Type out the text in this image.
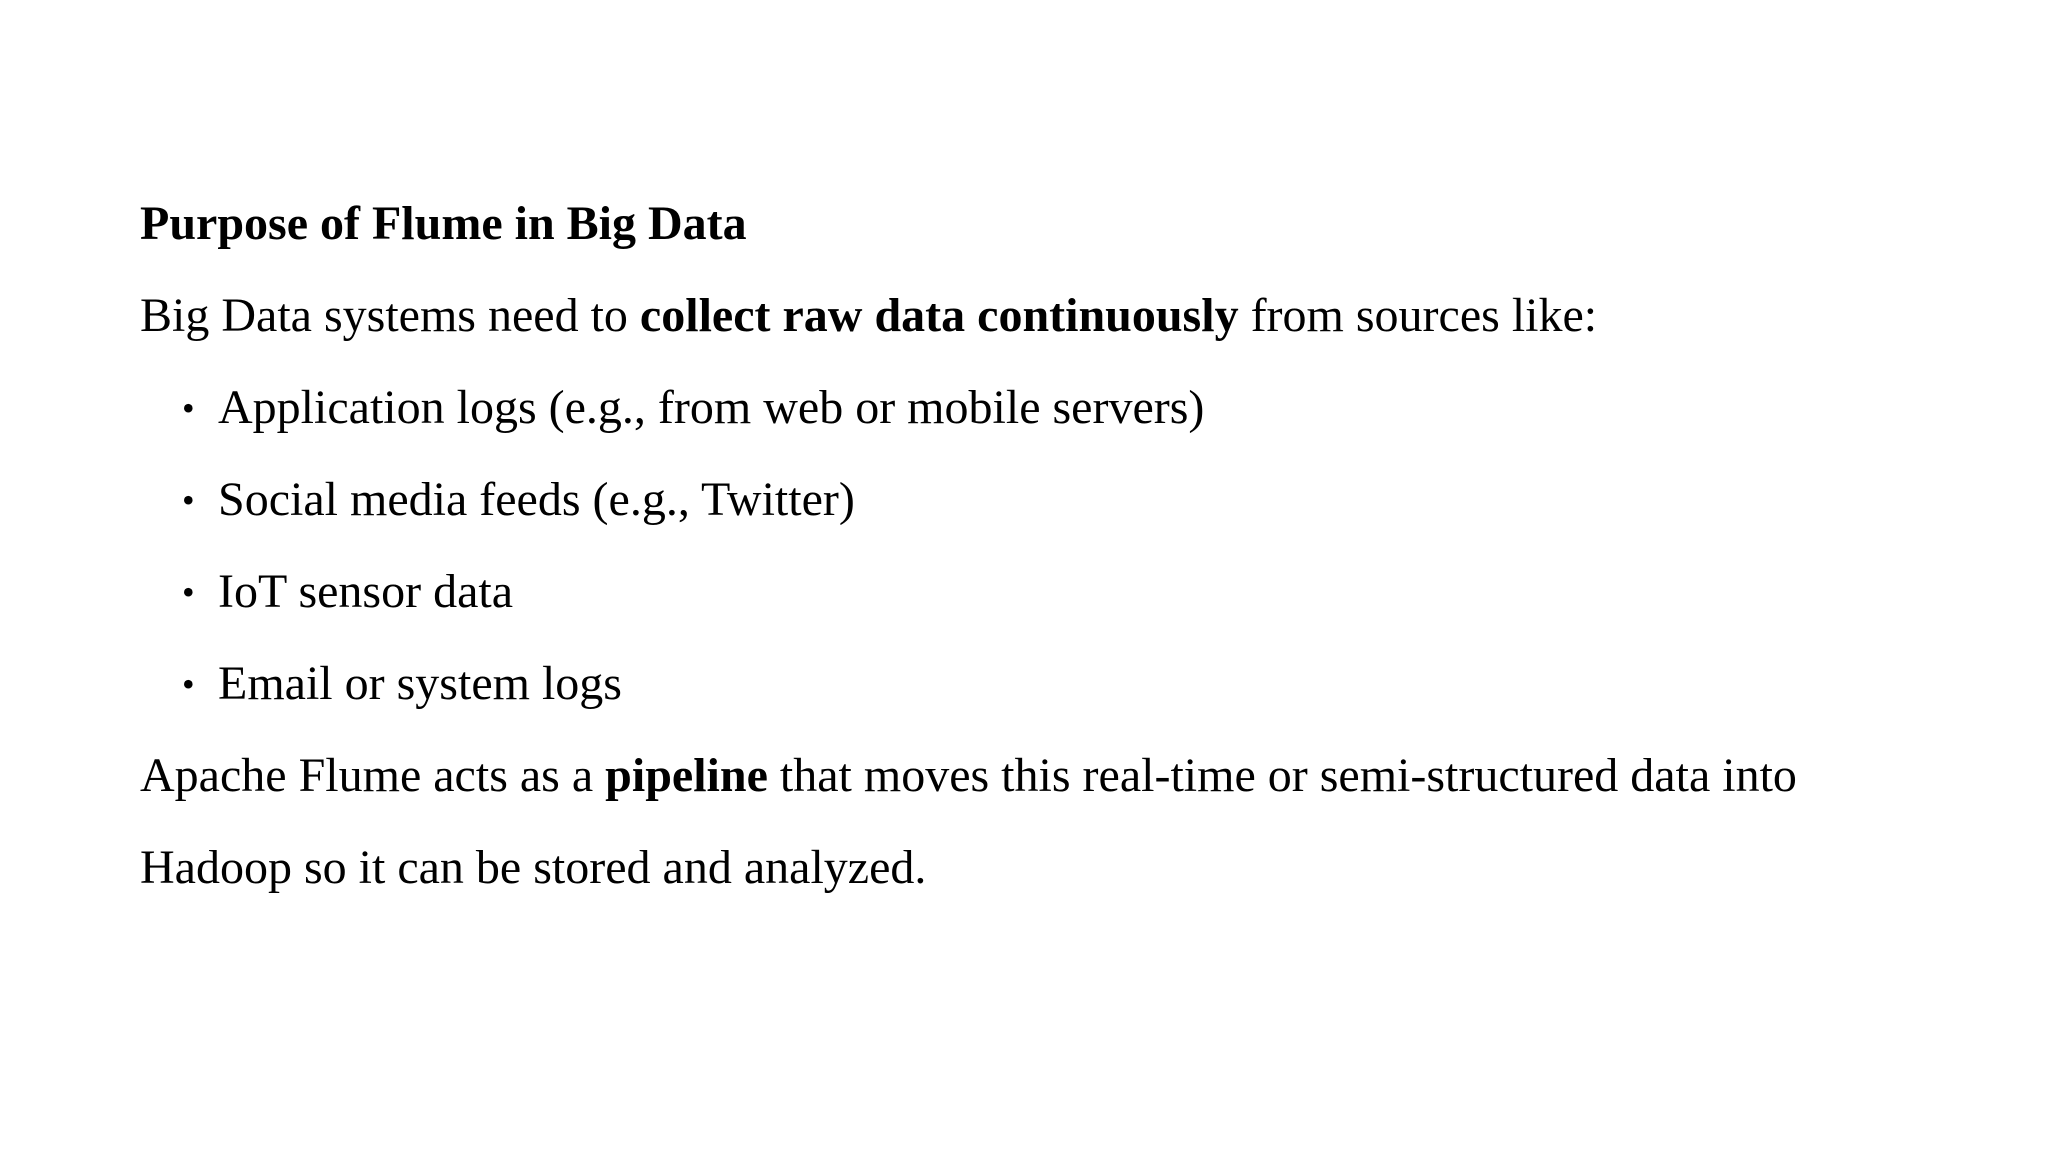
Purpose of Flume in Big Data

Big Data systems need to collect raw data continuously from sources like:

• Application logs (e.g., from web or mobile servers)
• Social media feeds (e.g., Twitter)
• IoT sensor data
• Email or system logs

Apache Flume acts as a pipeline that moves this real-time or semi-structured data into

Hadoop so it can be stored and analyzed.
